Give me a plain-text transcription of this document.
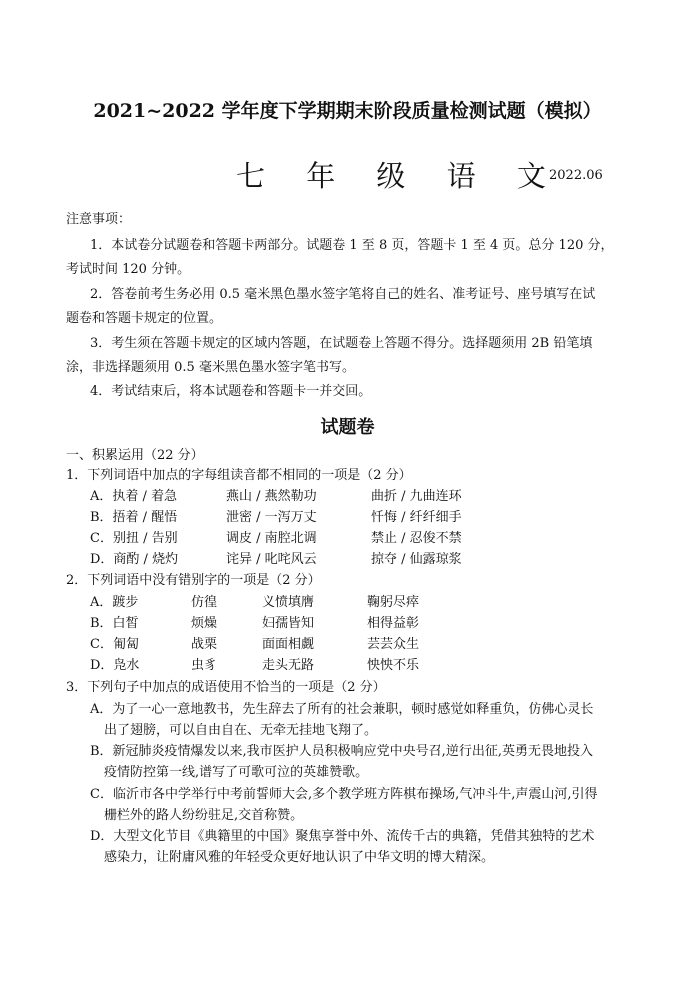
2021~2022 学年度下学期期末阶段质量检测试题（模拟）
七 年 级 语 文
2022.06
注意事项：
1．本试卷分试题卷和答题卡两部分。试题卷 1 至 8 页，答题卡 1 至 4 页。总分 120 分，
考试时间 120 分钟。
2．答卷前考生务必用 0.5 毫米黑色墨水签字笔将自己的姓名、准考证号、座号填写在试
题卷和答题卡规定的位置。
3．考生须在答题卡规定的区域内答题，在试题卷上答题不得分。选择题须用 2B 铅笔填
涂，非选择题须用 0.5 毫米黑色墨水签字笔书写。
4．考试结束后，将本试题卷和答题卡一并交回。
试题卷
一、积累运用（22 分）
1．下列词语中加点的字每组读音都不相同的一项是（2 分）
A．执着 / 着急	燕山 / 燕然勒功	曲折 / 九曲连环
B．捂着 / 醒悟	泄密 / 一泻万丈	忏悔 / 纤纤细手
C．别扭 / 告别	调皮 / 南腔北调	禁止 / 忍俊不禁
D．商酌 / 烧灼	诧异 / 叱咤风云	掠夺 / 仙露琼浆
2．下列词语中没有错别字的一项是（2 分）
A．踱步	仿徨	义愤填膺	鞠躬尽瘁
B．白皙	烦燥	妇孺皆知	相得益彰
C．匍匐	战栗	面面相觑	芸芸众生
D．凫水	虫豸	走头无路	怏怏不乐
3．下列句子中加点的成语使用不恰当的一项是（2 分）
A．为了一心一意地教书，先生辞去了所有的社会兼职，顿时感觉如释重负，仿佛心灵长
出了翅膀，可以自由自在、无牵无挂地飞翔了。
B．新冠肺炎疫情爆发以来,我市医护人员积极响应党中央号召,逆行出征,英勇无畏地投入
疫情防控第一线,谱写了可歌可泣的英雄赞歌。
C．临沂市各中学举行中考前誓师大会,多个教学班方阵棋布操场,气冲斗牛,声震山河,引得
栅栏外的路人纷纷驻足,交首称赞。
D．大型文化节目《典籍里的中国》聚焦享誉中外、流传千古的典籍，凭借其独特的艺术
感染力，让附庸风雅的年轻受众更好地认识了中华文明的博大精深。
